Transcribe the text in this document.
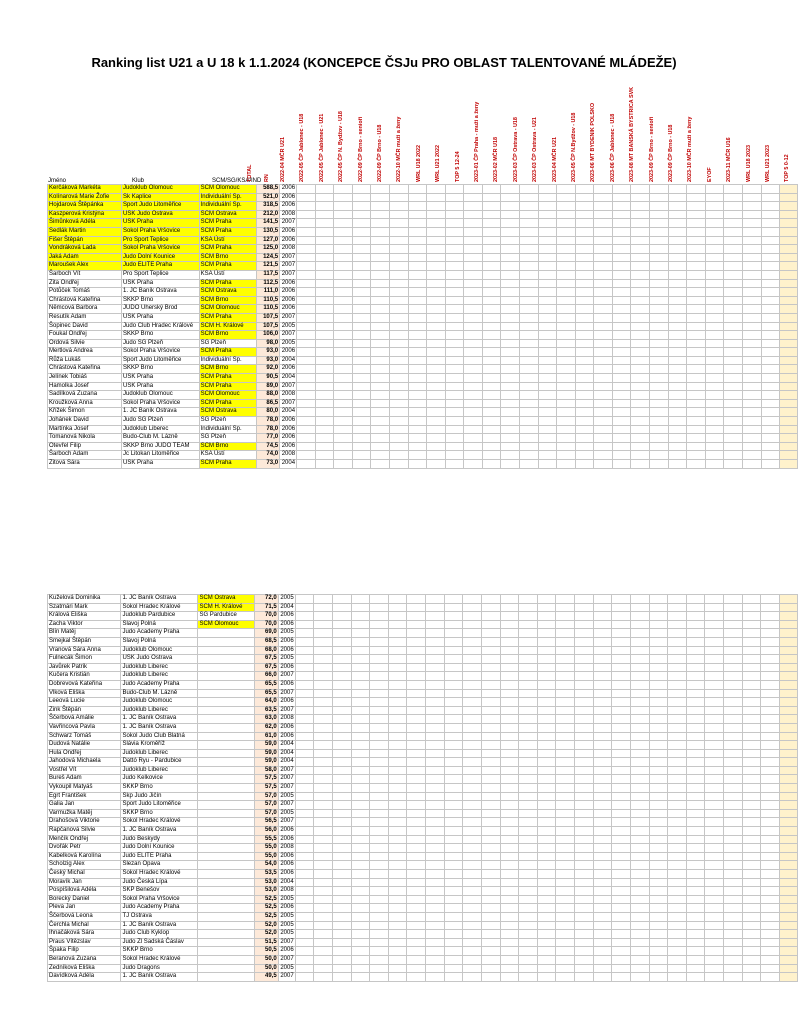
Ranking list U21 a U 18 k 1.1.2024 (KONCEPCE ČSJu PRO OBLAST TALENTOVANÉ MLÁDEŽE)
Jméno	Klub	SCM/SG/KSA/IND
TOTAL RN 2022-04 MČR U21 2022-05 ČP Jablonec - U18 2022-05 ČP Jablonec - U21 2022-05 ČP N. Bydžov - U18 2022-09 ČP Brno - senioři 2022-09 ČP Brno - U18 2022-10 MČR muži a ženy WRL U18 2022 WRL U21 2022 TOP 5 12-24 2023-01 ČP Praha - muži a ženy 2023-02 MČR U18 2023-03 ČP Ostrava - U18 2023-03 ČP Ostrava - U21 2023-04 MČR U21 2023-05 ČP N.Bydžov - U18 2023-06 MT BYDENIK POLSKO 2023-06 ČP Jablonec - U18 2023-08 MT BANSKÁ BYSTRICA SVK 2023-09 ČP Brno - senioři 2023-09 ČP Brno - U18 2023-10 MČR muži a ženy EYOF 2023-11 MČR U16 WRL U18 2023 WRL U21 2023 TOP 5 0-12
Kerčáková Markéta	Judoklub Olomouc	SCM Olomouc	588,5	2006																											
Kolínarová Marie Žofie	Sk Kaplice	Individuální Sp.	521,0	2006																											
Hojdarová Štěpánka	Sport Judo Litoměřice	Individuální Sp.	318,5	2006																											
Kaszperová Kristýna	USK Judo Ostrava	SCM Ostrava	212,0	2008																											
Šimůnková Adéla	USK Praha	SCM Praha	141,5	2007																											
Sedlák Martin	Sokol Praha Vršovice	SCM Praha	130,5	2006																											
Fišer Štěpán	Pro Sport Teplice	KSA Ústí	127,0	2006																											
Vondráková Lada	Sokol Praha Vršovice	SCM Praha	125,0	2008																											
Jaká Adam	Judo Dolní Kounice	SCM Brno	124,5	2007																											
Maroušek Alex	Judo ELITE Praha	SCM Praha	121,5	2007																											
Šarboch Vít	Pro Sport Teplice	KSA Ústí	117,5	2007																											
Zita Ondřej	USK Praha	SCM Praha	112,5	2006																											
Potůček Tomáš	1. JC Baník Ostrava	SCM Ostrava	111,0	2006																											
Chrástová Kateřina	SKKP Brno	SCM Brno	110,5	2006																											
Němcová Barbora	JUDO Uherský Brod	SCM Olomouc	110,5	2006																											
Resutík Adam	USK Praha	SCM Praha	107,5	2007																											
Šopinec David	Judo Club Hradec Králové	SCM H. Králové	107,5	2005																											
Foukal Ondřej	SKKP Brno	SCM Brno	106,0	2007																											
Ordová Silvie	Judo SG Plzeň	SG Plzeň	98,0	2005																											
Mertlová Andrea	Sokol Praha Vršovice	SCM Praha	93,0	2006																											
Růža Lukáš	Sport Judo Litoměřice	Individuální Sp.	93,0	2004																											
Chrástová Kateřina	SKKP Brno	SCM Brno	92,0	2006																											
Jelínek Tobiáš	USK Praha	SCM Praha	90,5	2004																											
Hamolka Josef	USK Praha	SCM Praha	89,0	2007																											
Sadílková Zuzana	Judoklub Olomouc	SCM Olomouc	88,0	2008																											
Kroužková Anna	Sokol Praha Vršovice	SCM Praha	86,5	2007																											
Křížek Šimon	1. JC Baník Ostrava	SCM Ostrava	80,0	2004																											
Johánek David	Judo SG Plzeň	SG Plzeň	78,0	2006																											
Martínka Josef	Judoklub Liberec	Individuální Sp.	78,0	2006																											
Tomanová Nikola	Budo-Club M. Lázně	SG Plzeň	77,0	2006																											
Otevřel Filip	SKKP Brno JUDO TEAM	SCM Brno	74,5	2006																											
Šarboch Adam	Jc Litokan Litoměřice	KSA Ústí	74,0	2008																											
Zitová Sára	USK Praha	SCM Praha	73,0	2004																											
Kuželová Dominika	1. JC Baník Ostrava	SCM Ostrava	72,0	2005																											
Szatmári Mark	Sokol Hradec Králové	SCM H. Králové	71,5	2004																											
Králová Eliška	Judoklub Pardubice	SG Pardubice	70,0	2006																											
Zacha Viktor	Slavoj Polná	SCM Olomouc	70,0	2006																											
Blín Matěj	Judo Academy Praha		69,0	2005																											
Smejkal Štěpán	Slavoj Polná		68,5	2006																											
Vranová Sára Anna	Judoklub Olomouc		68,0	2006																											
Fulnecák Šimon	USK Judo Ostrava		67,5	2005																											
Javůrek Patrik	Judoklub Liberec		67,5	2006																											
Kučera Kristián	Judoklub Liberec		66,0	2007																											
Dobrevová Kateřina	Judo Academy Praha		65,5	2006																											
Vlková Eliška	Budo-Club M. Lázně		65,5	2007																											
Leeová Lucie	Judoklub Olomouc		64,0	2006																											
Zink Štěpán	Judoklub Liberec		63,5	2007																											
Ščerbová Amálie	1. JC Baník Ostrava		63,0	2008																											
Vavřincová Pavla	1. JC Baník Ostrava		62,0	2006																											
Schwarz Tomáš	Sokol Judo Club Blatná		61,0	2006																											
Dudová Natálie	Slávia Kroměříž		59,0	2004																											
Hula Ondřej	Judoklub Liberec		59,0	2004																											
Jahodová Michaela	Dattó Ryu - Pardubice		59,0	2004																											
Vostřel Vít	Judoklub Liberec		58,0	2007																											
Bureš Adam	Judo Kelkovice		57,5	2007																											
Vykoupil Matyáš	SKKP Brno		57,5	2007																											
Egrt František	Skp Judo Jičín		57,0	2005																											
Galia Jan	Sport Judo Litoměřice		57,0	2007																											
Varmužka Matěj	SKKP Brno		57,0	2005																											
Drahošová Viktorie	Sokol Hradec Králové		56,5	2007																											
Rapčanová Silvie	1. JC Baník Ostrava		56,0	2006																											
Menčík Ondřej	Judo Beskydy		55,5	2006																											
Dvořák Petr	Judo Dolní Kounice		55,0	2008																											
Kabelková Karolína	Judo ELITE Praha		55,0	2006																											
Scholzig Alex	Slezan Opava		54,0	2006																											
Český Michal	Sokol Hradec Králové		53,5	2006																											
Moravík Jan	Judo Česká Lípa		53,0	2004																											
Pospíšilová Adéla	SKP Benešov		53,0	2008																											
Borecký Daniel	Sokol Praha Vršovice		52,5	2005																											
Pleva Jan	Judo Academy Praha		52,5	2006																											
Ščerbová Leona	TJ Ostrava		52,5	2005																											
Čerchla Michal	1. JC Baník Ostrava		52,0	2005																											
Ihnačáková Sára	Judo Club Kyklop		52,0	2005																											
Praus Vítězslav	Judo Zl Sadská Čáslav		51,5	2007																											
Špaka Filip	SKKP Brno		50,5	2006																											
Beranová Zuzana	Sokol Hradec Králové		50,0	2007																											
Zedníková Eliška	Judo Dragons		50,0	2005																											
Davídková Adéla	1. JC Baník Ostrava		49,5	2007																											
